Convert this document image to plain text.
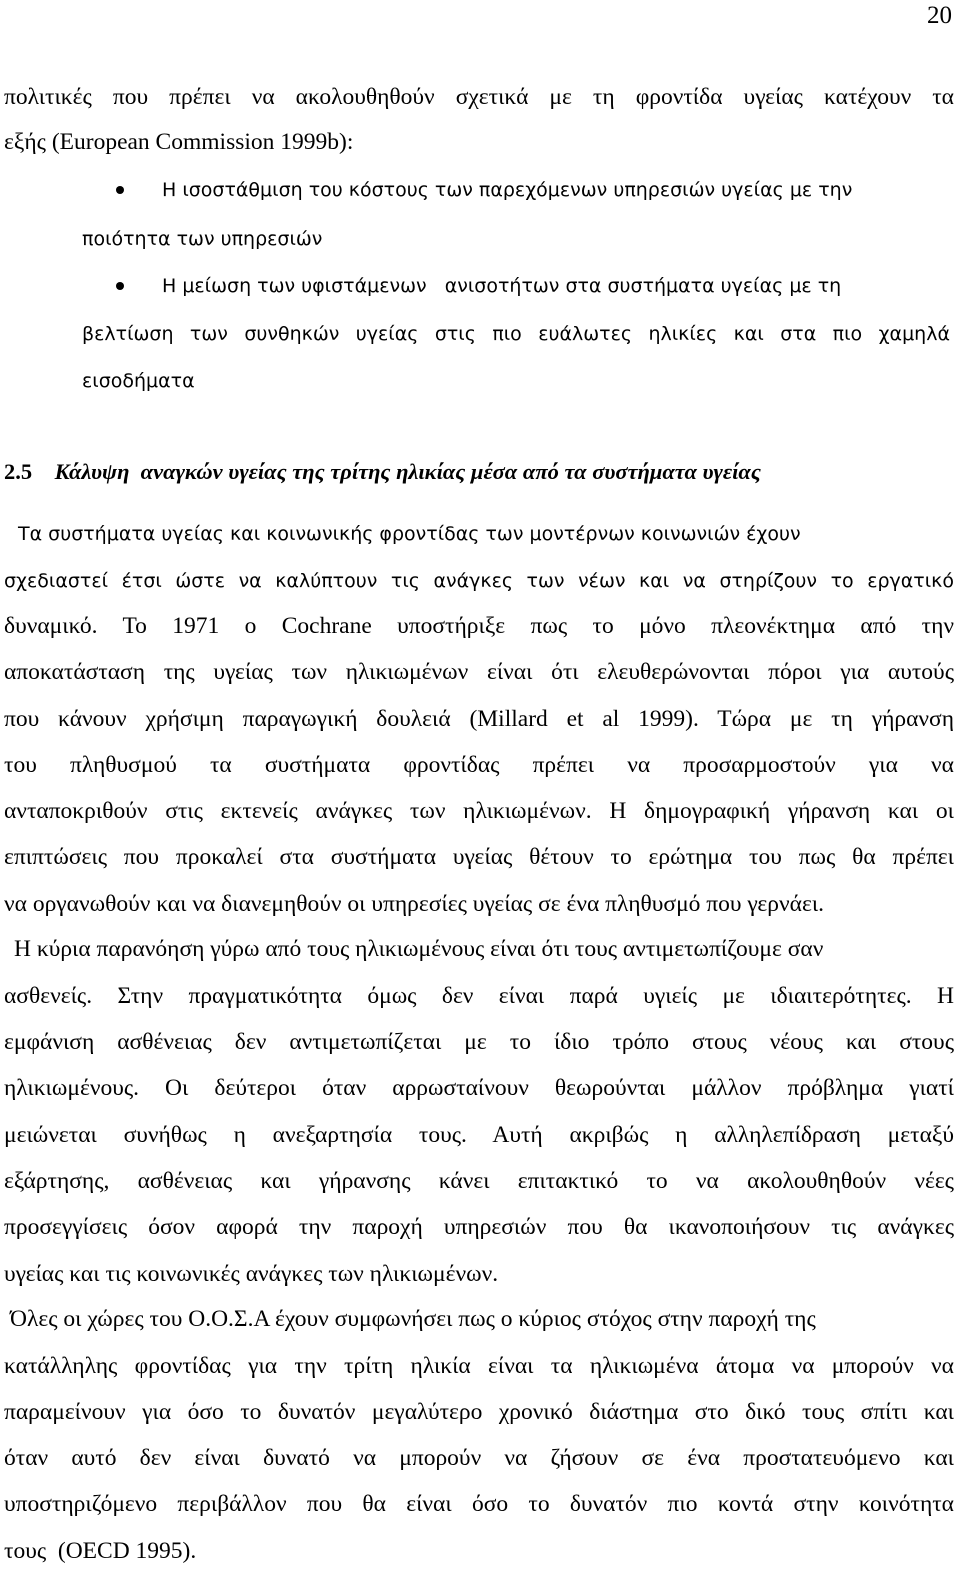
20
πολιτικές που πρέπει να ακολουθηθούν σχετικά με τη φροντίδα υγείας κατέχουν τα
εξής (European Commission 1999b):
Η ισοστάθμιση του κόστους των παρεχόμενων υπηρεσιών υγείας με την
ποιότητα των υπηρεσιών
Η μείωση των υφιστάμενων   ανισοτήτων στα συστήματα υγείας με τη
βελτίωση των συνθηκών υγείας στις πιο ευάλωτες ηλικίες και στα πιο χαμηλά
εισοδήματα
2.5 Κάλυψη  αναγκών υγείας της τρίτης ηλικίας μέσα από τα συστήματα υγείας
Τα συστήματα υγείας και κοινωνικής φροντίδας των μοντέρνων κοινωνιών έχουν
σχεδιαστεί έτσι ώστε να καλύπτουν τις ανάγκες των νέων και να στηρίζουν το εργατικό
δυναμικό. Το 1971 ο Cochrane υποστήριξε πως το μόνο πλεονέκτημα από την
αποκατάσταση της υγείας των ηλικιωμένων είναι ότι ελευθερώνονται πόροι για αυτούς
που κάνουν χρήσιμη παραγωγική δουλειά (Millard et al 1999). Τώρα με τη γήρανση
του πληθυσμού τα συστήματα φροντίδας πρέπει να προσαρμοστούν για να
ανταποκριθούν στις εκτενείς ανάγκες των ηλικιωμένων. Η δημογραφική γήρανση και οι
επιπτώσεις που προκαλεί στα συστήματα υγείας θέτουν το ερώτημα του πως θα πρέπει
να οργανωθούν και να διανεμηθούν οι υπηρεσίες υγείας σε ένα πληθυσμό που γερνάει.
Η κύρια παρανόηση γύρω από τους ηλικιωμένους είναι ότι τους αντιμετωπίζουμε σαν
ασθενείς. Στην πραγματικότητα όμως δεν είναι παρά υγιείς με ιδιαιτερότητες. Η
εμφάνιση ασθένειας δεν αντιμετωπίζεται με το ίδιο τρόπο στους νέους και στους
ηλικιωμένους. Οι δεύτεροι όταν αρρωσταίνουν θεωρούνται μάλλον πρόβλημα γιατί
μειώνεται συνήθως η ανεξαρτησία τους. Αυτή ακριβώς η αλληλεπίδραση μεταξύ
εξάρτησης, ασθένειας και γήρανσης κάνει επιτακτικό το να ακολουθηθούν νέες
προσεγγίσεις όσον αφορά την παροχή υπηρεσιών που θα ικανοποιήσουν τις ανάγκες
υγείας και τις κοινωνικές ανάγκες των ηλικιωμένων.
Όλες οι χώρες του Ο.Ο.Σ.Α έχουν συμφωνήσει πως ο κύριος στόχος στην παροχή της
κατάλληλης φροντίδας για την τρίτη ηλικία είναι τα ηλικιωμένα άτομα να μπορούν να
παραμείνουν για όσο το δυνατόν μεγαλύτερο χρονικό διάστημα στο δικό τους σπίτι και
όταν αυτό δεν είναι δυνατό να μπορούν να ζήσουν σε ένα προστατευόμενο και
υποστηριζόμενο περιβάλλον που θα είναι όσο το δυνατόν πιο κοντά στην κοινότητα
τους  (OECD 1995).
